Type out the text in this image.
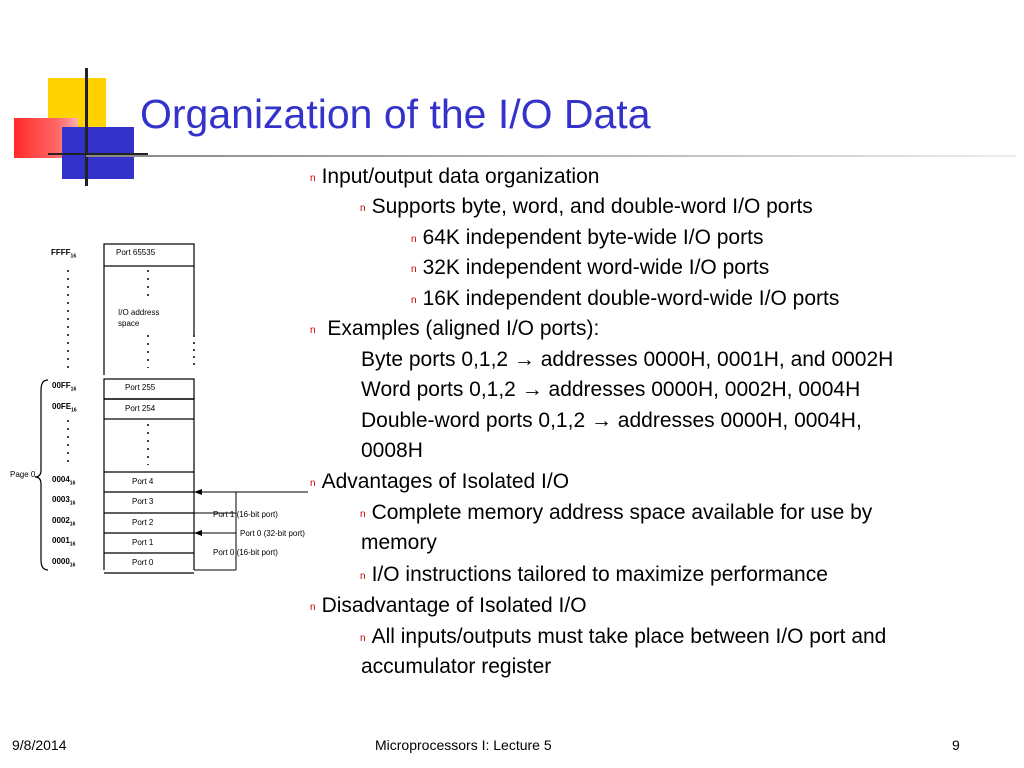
Organization of the I/O Data
n Input/output data organization
n Supports byte, word, and double-word I/O ports
n 64K independent byte-wide I/O ports
n 32K independent word-wide I/O ports
n 16K independent double-word-wide I/O ports
n Examples (aligned I/O ports):
Byte ports 0,1,2 → addresses 0000H, 0001H, and 0002H
Word ports 0,1,2 → addresses 0000H, 0002H, 0004H
Double-word ports 0,1,2 → addresses 0000H, 0004H,
0008H
n Advantages of Isolated I/O
n Complete memory address space available for use by
memory
n I/O instructions tailored to maximize performance
n Disadvantage of Isolated I/O
n All inputs/outputs must take place between I/O port and
accumulator register
$FFFF_{16}$
$00FF_{16}$
$00FE_{16}$
$0004_{16}$
$0003_{16}$
$0002_{16}$
$0001_{16}$
$0000_{16}$
Port 65535
I/O address
space
Port 255
Port 254
Port 4
Port 3
Port 2
Port 1
Port 0
Page 0
Port 1 (16-bit port)
Port 0 (16-bit port)
Port 0 (32-bit port)
9/8/2014	Microprocessors I: Lecture 5	9
